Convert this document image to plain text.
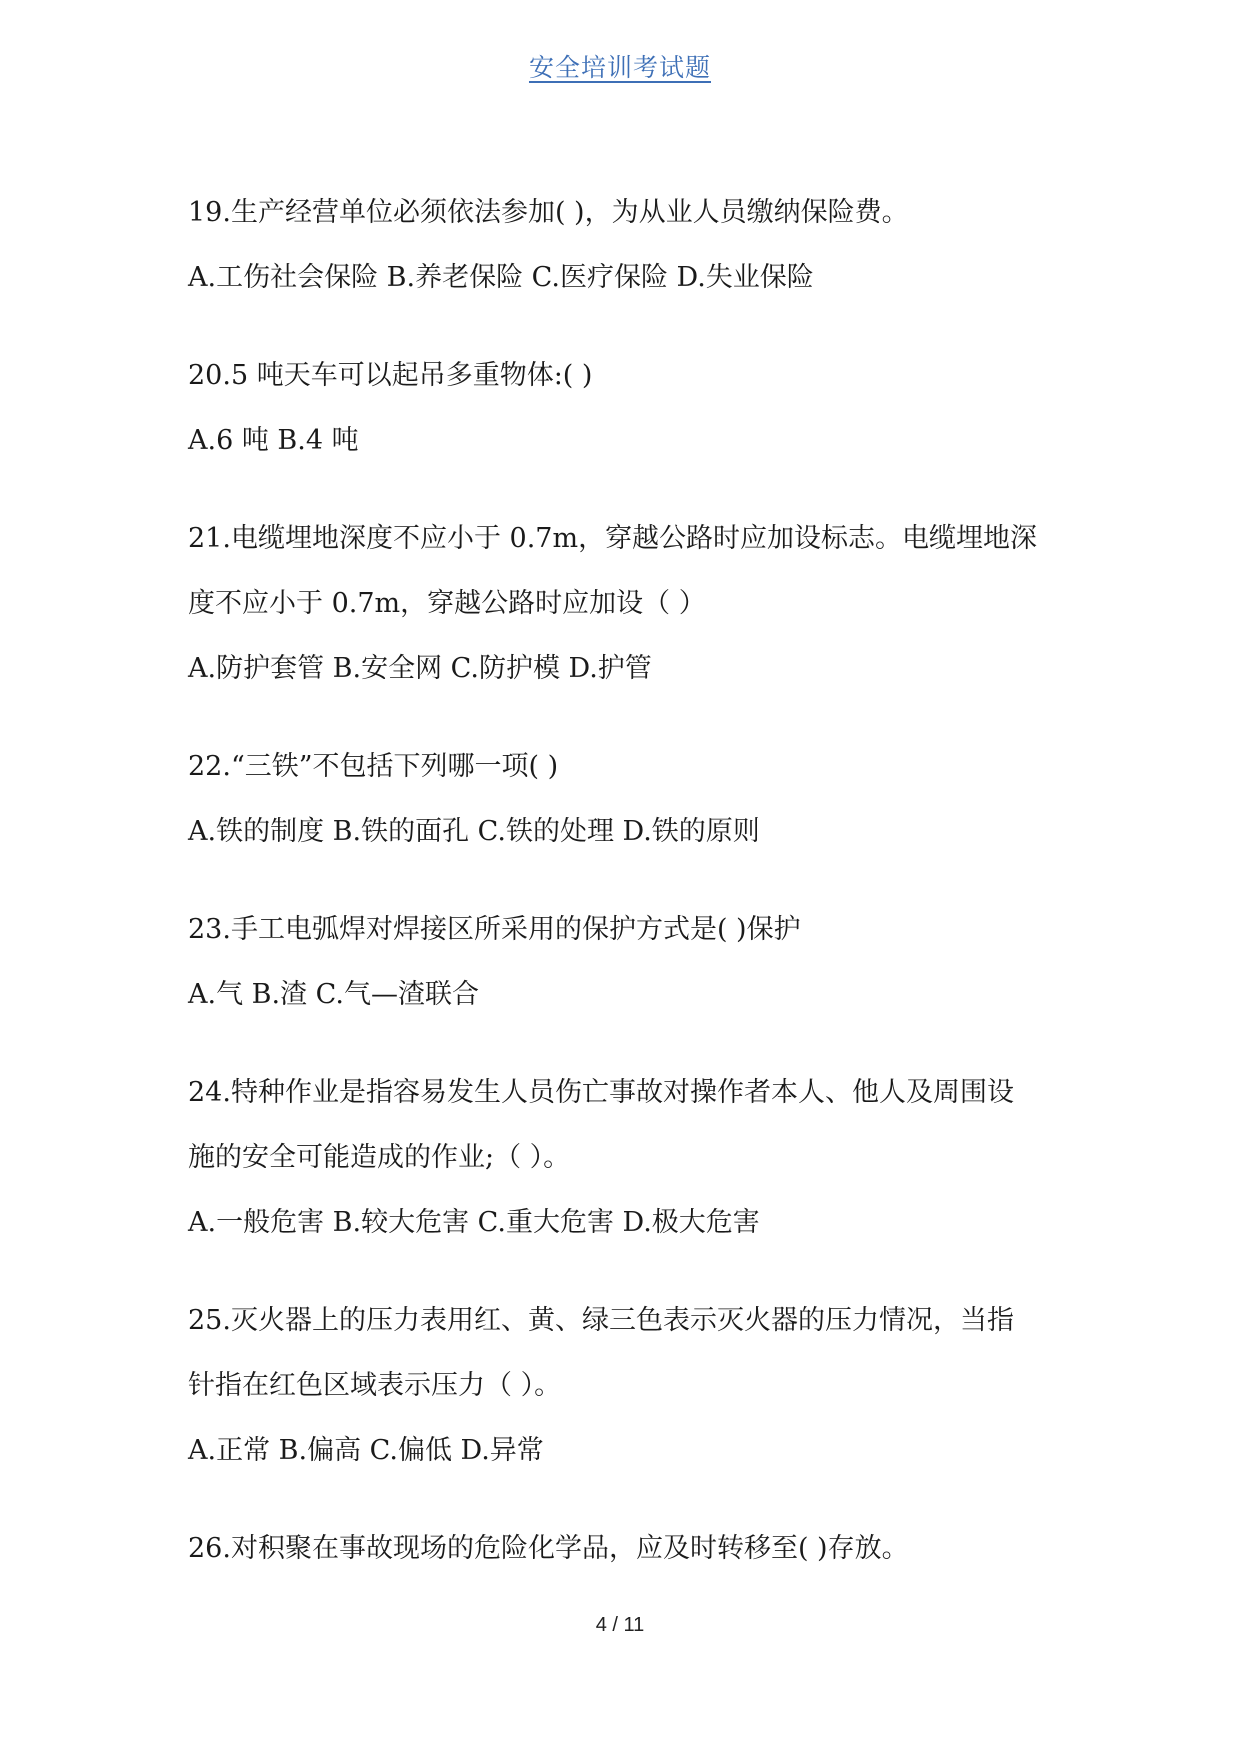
安全培训考试题
19.生产经营单位必须依法参加( )，为从业人员缴纳保险费。
A.工伤社会保险 B.养老保险 C.医疗保险 D.失业保险
20.5 吨天车可以起吊多重物体:( )
A.6 吨 B.4 吨
21.电缆埋地深度不应小于 0.7m，穿越公路时应加设标志。电缆埋地深
度不应小于 0.7m，穿越公路时应加设（ ）
A.防护套管 B.安全网 C.防护模 D.护管
22.“三铁”不包括下列哪一项( )
A.铁的制度 B.铁的面孔 C.铁的处理 D.铁的原则
23.手工电弧焊对焊接区所采用的保护方式是( )保护
A.气 B.渣 C.气—渣联合
24.特种作业是指容易发生人员伤亡事故对操作者本人、他人及周围设
施的安全可能造成的作业;（ ）。
A.一般危害 B.较大危害 C.重大危害 D.极大危害
25.灭火器上的压力表用红、黄、绿三色表示灭火器的压力情况，当指
针指在红色区域表示压力（ ）。
A.正常 B.偏高 C.偏低 D.异常
26.对积聚在事故现场的危险化学品，应及时转移至( )存放。
4 / 11
